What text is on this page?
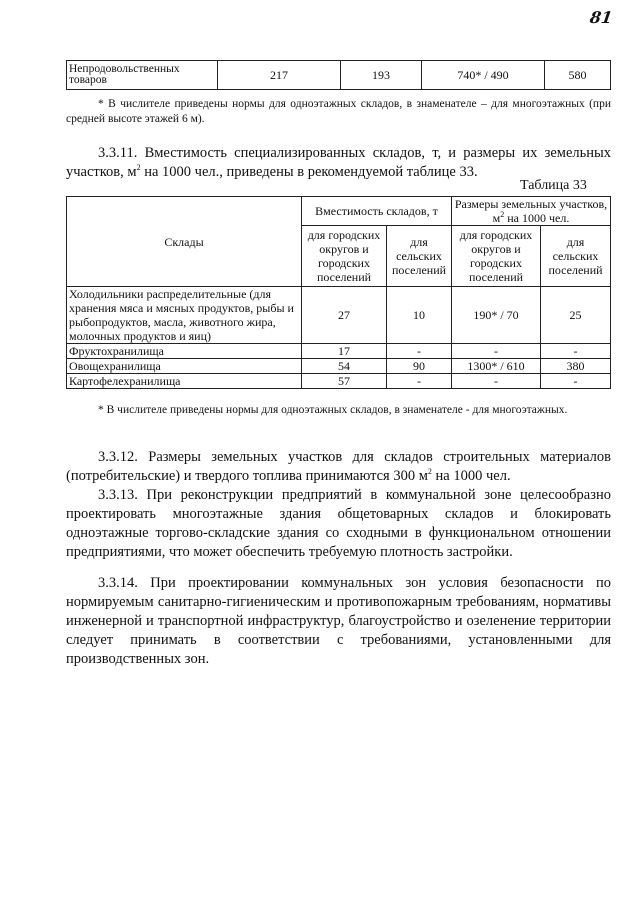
81
Непродовольственных товаров	217	193	740* / 490	580
* В числителе приведены нормы для одноэтажных складов, в знаменателе – для многоэтажных (при средней высоте этажей 6 м).
3.3.11. Вместимость специализированных складов, т, и размеры их земельных участков, $м^2$ на 1000 чел., приведены в рекомендуемой таблице 33.
Таблица 33
Склады	Вместимость складов, т		Размеры земельных участков, $м^2$ на 1000 чел.	
	для городских округов и городских поселений	для сельских поселений	для городских округов и городских поселений	для сельских поселений
Холодильники распределительные (для хранения мяса и мясных продуктов, рыбы и рыбопродуктов, масла, животного жира, молочных продуктов и яиц)	27	10	190* / 70	25
Фруктохранилища	17	-	-	-
Овощехранилища	54	90	1300* / 610	380
Картофелехранилища	57	-	-	-
* В числителе приведены нормы для одноэтажных складов, в знаменателе - для многоэтажных.
3.3.12. Размеры земельных участков для складов строительных материалов (потребительские) и твердого топлива принимаются 300 $м^2$ на 1000 чел.
3.3.13. При реконструкции предприятий в коммунальной зоне целесообразно проектировать многоэтажные здания общетоварных складов и блокировать одноэтажные торгово-складские здания со сходными в функциональном отношении предприятиями, что может обеспечить требуемую плотность застройки.
3.3.14. При проектировании коммунальных зон условия безопасности по нормируемым санитарно-гигиеническим и противопожарным требованиям, нормативы инженерной и транспортной инфраструктур, благоустройство и озеленение территории следует принимать в соответствии с требованиями, установленными для производственных зон.
